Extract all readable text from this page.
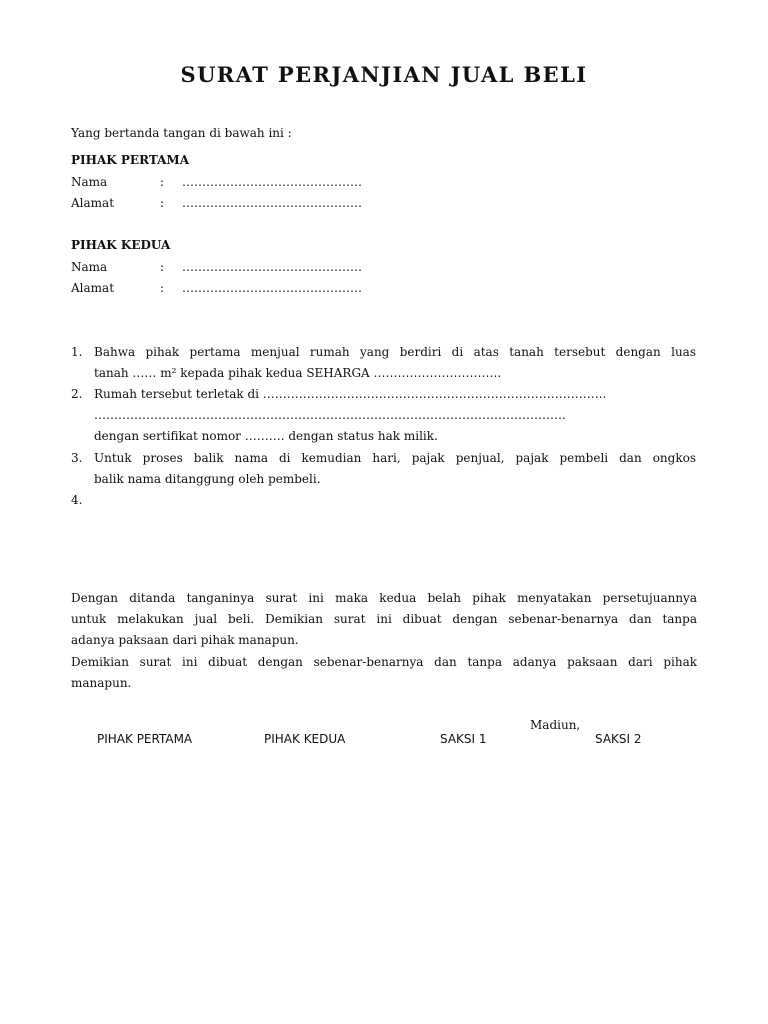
SURAT PERJANJIAN JUAL BELI

Yang bertanda tangan di bawah ini :

PIHAK PERTAMA

Nama	: ………………………………………
Alamat	: ………………………………………

PIHAK KEDUA

Nama	: ………………………………………
Alamat	: ………………………………………
1. Bahwa pihak pertama menjual rumah yang berdiri di atas tanah tersebut dengan luas
tanah …… m² kepada pihak kedua SEHARGA …………………………..
2. Rumah tersebut terletak di …………………………………………………………………………..
……………………………………………………………………………………………………….
dengan sertifikat nomor ………. dengan status hak milik.
3. Untuk proses balik nama di kemudian hari, pajak penjual, pajak pembeli dan ongkos
balik nama ditanggung oleh pembeli.
4.
Dengan ditanda tanganinya surat ini maka kedua belah pihak menyatakan persetujuannya
untuk melakukan jual beli. Demikian surat ini dibuat dengan sebenar-benarnya dan tanpa
adanya paksaan dari pihak manapun.
Demikian surat ini dibuat dengan sebenar-benarnya dan tanpa adanya paksaan dari pihak
manapun.
Madiun,
PIHAK PERTAMA	PIHAK KEDUA	SAKSI 1	SAKSI 2
